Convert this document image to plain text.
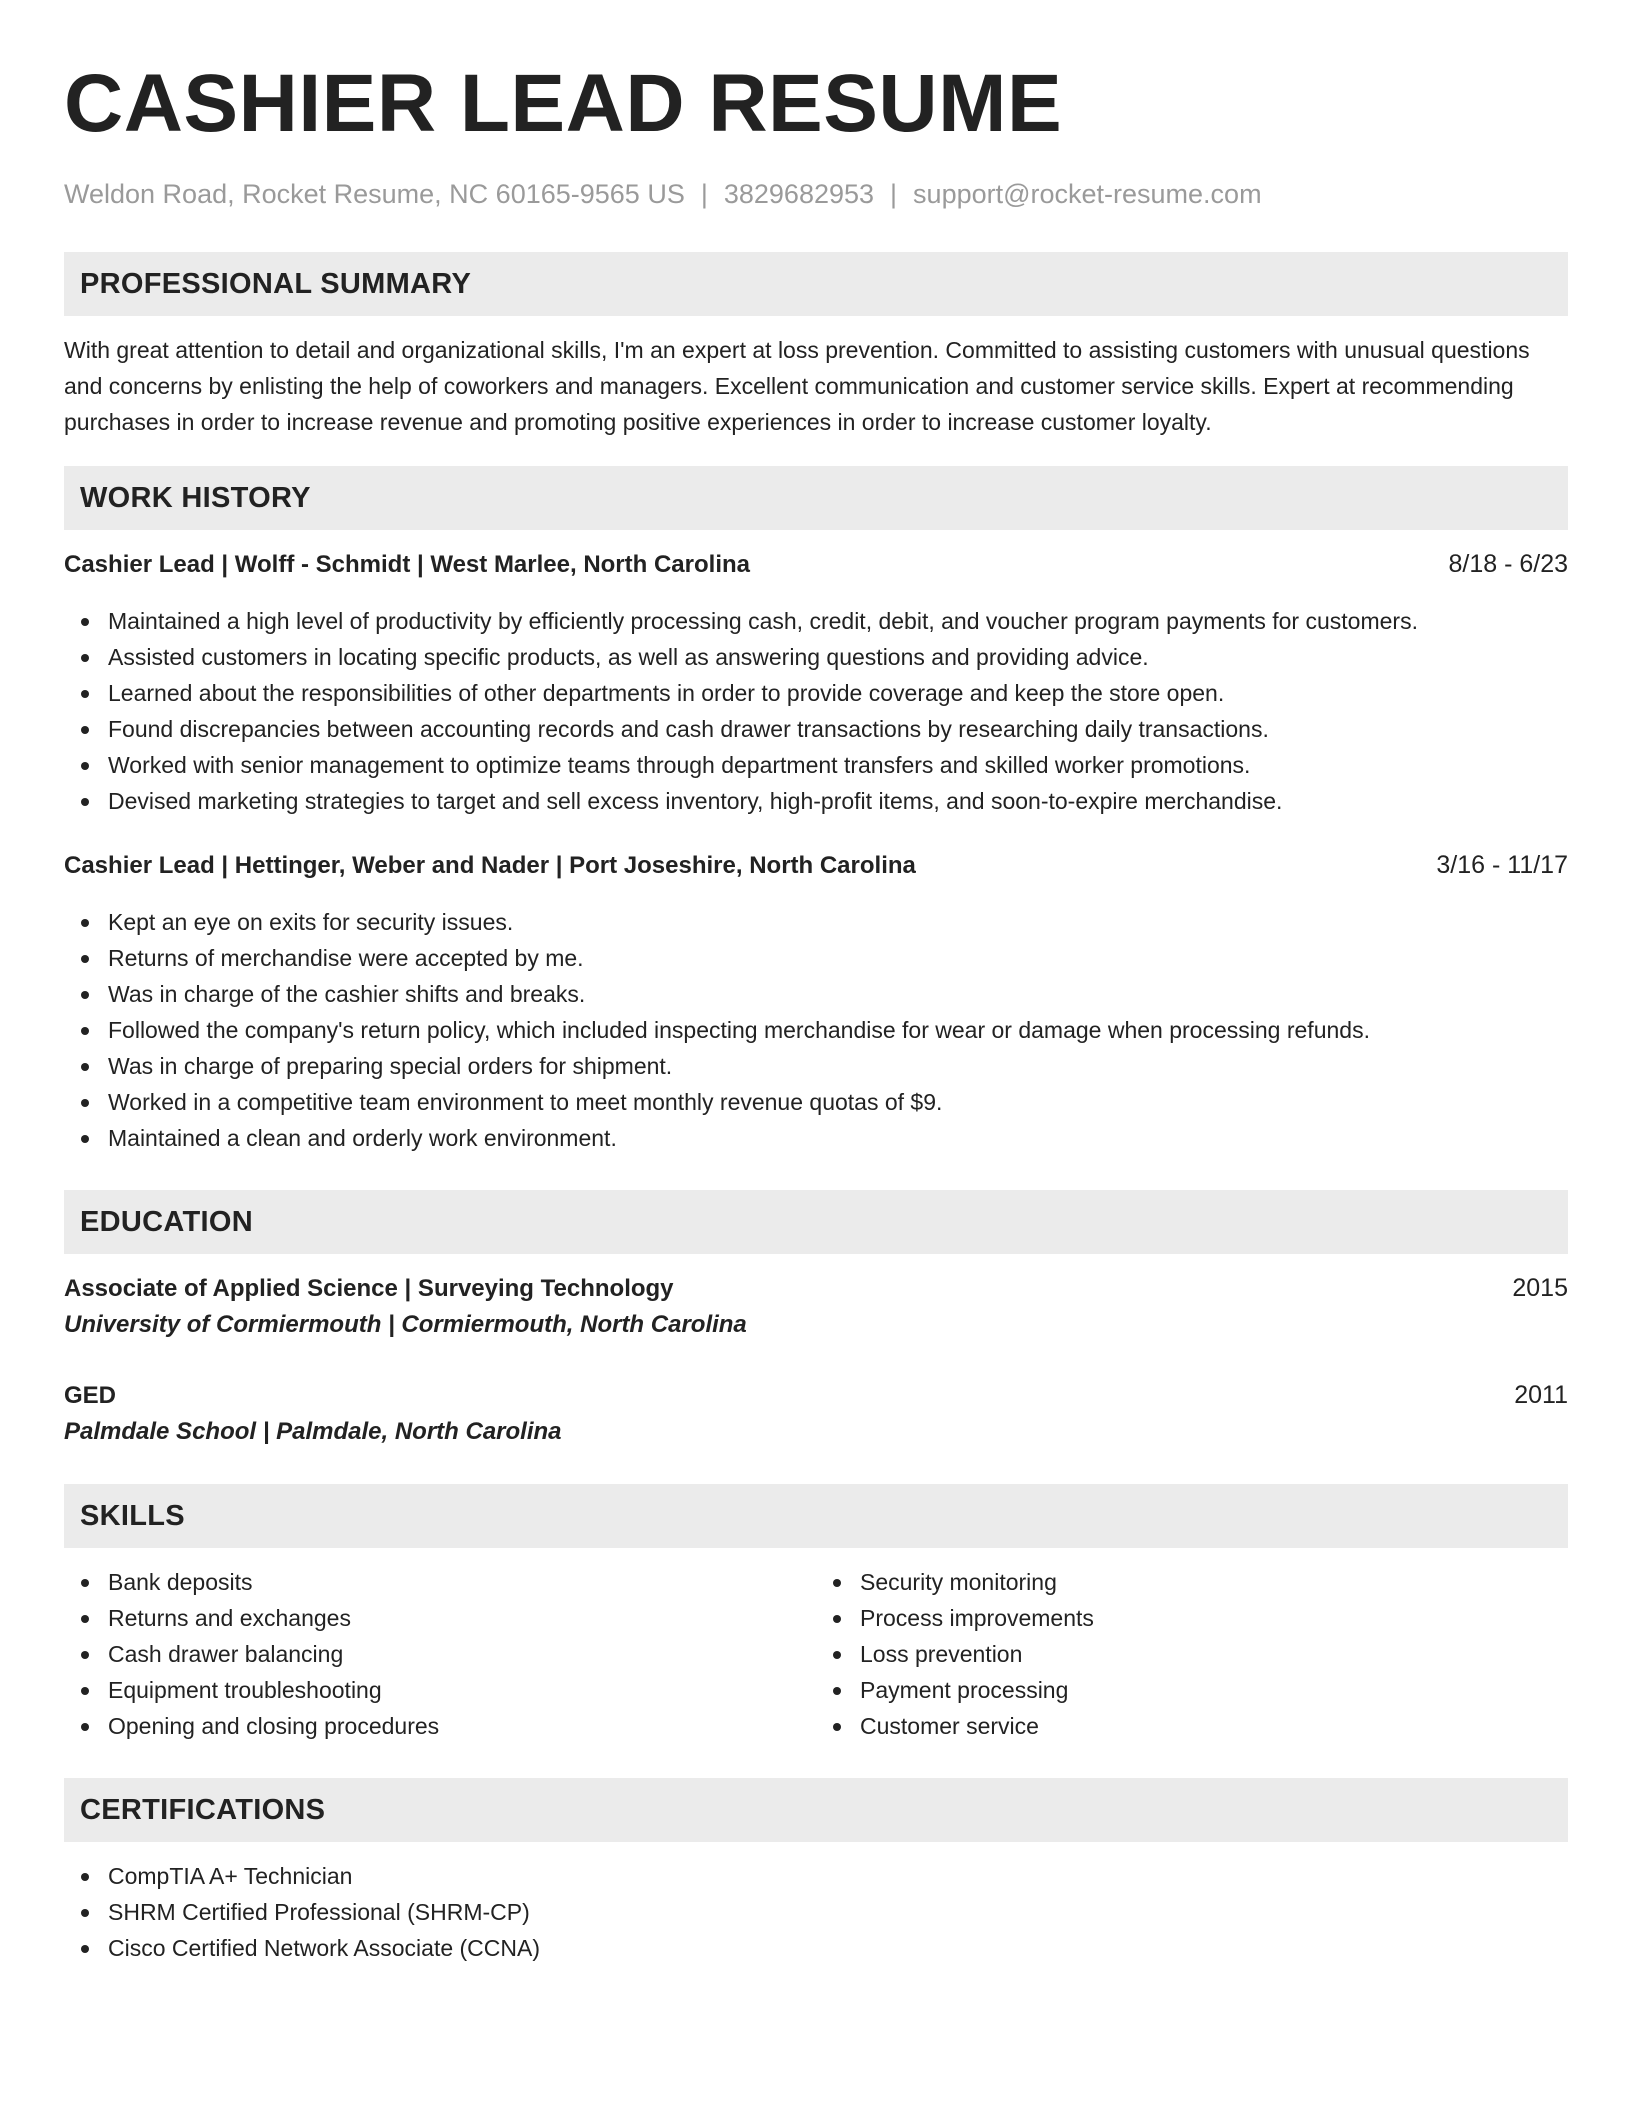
CASHIER LEAD RESUME
Weldon Road, Rocket Resume, NC 60165-9565 US | 3829682953 | support@rocket-resume.com
PROFESSIONAL SUMMARY
With great attention to detail and organizational skills, I'm an expert at loss prevention. Committed to assisting customers with unusual questions and concerns by enlisting the help of coworkers and managers. Excellent communication and customer service skills. Expert at recommending purchases in order to increase revenue and promoting positive experiences in order to increase customer loyalty.
WORK HISTORY
Cashier Lead | Wolff - Schmidt | West Marlee, North Carolina	8/18 - 6/23
Maintained a high level of productivity by efficiently processing cash, credit, debit, and voucher program payments for customers.
Assisted customers in locating specific products, as well as answering questions and providing advice.
Learned about the responsibilities of other departments in order to provide coverage and keep the store open.
Found discrepancies between accounting records and cash drawer transactions by researching daily transactions.
Worked with senior management to optimize teams through department transfers and skilled worker promotions.
Devised marketing strategies to target and sell excess inventory, high-profit items, and soon-to-expire merchandise.
Cashier Lead | Hettinger, Weber and Nader | Port Joseshire, North Carolina	3/16 - 11/17
Kept an eye on exits for security issues.
Returns of merchandise were accepted by me.
Was in charge of the cashier shifts and breaks.
Followed the company's return policy, which included inspecting merchandise for wear or damage when processing refunds.
Was in charge of preparing special orders for shipment.
Worked in a competitive team environment to meet monthly revenue quotas of $9.
Maintained a clean and orderly work environment.
EDUCATION
Associate of Applied Science | Surveying Technology	2015
University of Cormiermouth | Cormiermouth, North Carolina
GED	2011
Palmdale School | Palmdale, North Carolina
SKILLS
Bank deposits
Returns and exchanges
Cash drawer balancing
Equipment troubleshooting
Opening and closing procedures
Security monitoring
Process improvements
Loss prevention
Payment processing
Customer service
CERTIFICATIONS
CompTIA A+ Technician
SHRM Certified Professional (SHRM-CP)
Cisco Certified Network Associate (CCNA)
